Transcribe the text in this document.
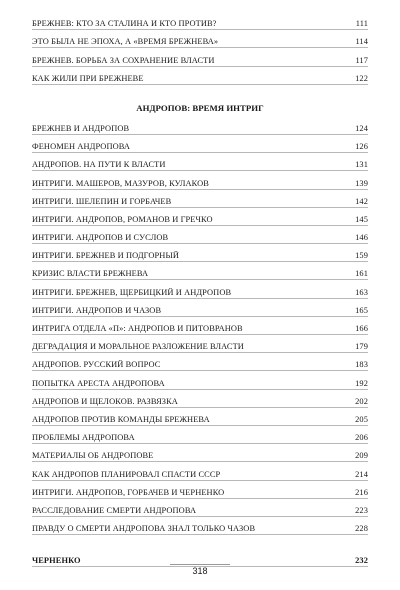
БРЕЖНЕВ: КТО ЗА СТАЛИНА И КТО ПРОТИВ?	111
ЭТО БЫЛА НЕ ЭПОХА, А «ВРЕМЯ БРЕЖНЕВА»	114
БРЕЖНЕВ. БОРЬБА ЗА СОХРАНЕНИЕ ВЛАСТИ	117
КАК ЖИЛИ ПРИ БРЕЖНЕВЕ	122
АНДРОПОВ: ВРЕМЯ ИНТРИГ
БРЕЖНЕВ И АНДРОПОВ	124
ФЕНОМЕН АНДРОПОВА	126
АНДРОПОВ. НА ПУТИ К ВЛАСТИ	131
ИНТРИГИ. МАШЕРОВ, МАЗУРОВ, КУЛАКОВ	139
ИНТРИГИ. ШЕЛЕПИН И ГОРБАЧЕВ	142
ИНТРИГИ. АНДРОПОВ, РОМАНОВ И ГРЕЧКО	145
ИНТРИГИ. АНДРОПОВ И СУСЛОВ	146
ИНТРИГИ. БРЕЖНЕВ И ПОДГОРНЫЙ	159
КРИЗИС ВЛАСТИ БРЕЖНЕВА	161
ИНТРИГИ. БРЕЖНЕВ, ЩЕРБИЦКИЙ И АНДРОПОВ	163
ИНТРИГИ. АНДРОПОВ И ЧАЗОВ	165
ИНТРИГА ОТДЕЛА «П»: АНДРОПОВ И ПИТОВРАНОВ	166
ДЕГРАДАЦИЯ И МОРАЛЬНОЕ РАЗЛОЖЕНИЕ ВЛАСТИ	179
АНДРОПОВ. РУССКИЙ ВОПРОС	183
ПОПЫТКА АРЕСТА АНДРОПОВА	192
АНДРОПОВ И ЩЕЛОКОВ. РАЗВЯЗКА	202
АНДРОПОВ ПРОТИВ КОМАНДЫ БРЕЖНЕВА	205
ПРОБЛЕМЫ АНДРОПОВА	206
МАТЕРИАЛЫ ОБ АНДРОПОВЕ	209
КАК АНДРОПОВ ПЛАНИРОВАЛ СПАСТИ СССР	214
ИНТРИГИ. АНДРОПОВ, ГОРБАЧЕВ И ЧЕРНЕНКО	216
РАССЛЕДОВАНИЕ СМЕРТИ АНДРОПОВА	223
ПРАВДУ О СМЕРТИ АНДРОПОВА ЗНАЛ ТОЛЬКО ЧАЗОВ	228
ЧЕРНЕНКО	232
318
